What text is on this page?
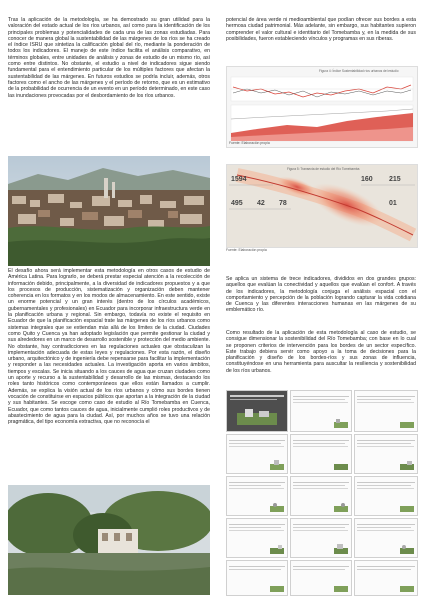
Tras la aplicación de la metodología, se ha demostrado su gran utilidad para la valoración del estado actual de los ríos urbanos, así como para la identificación de los principales problemas y potencialidades de cada una de las zonas estudiadas. Para conocer de manera global la sustentabilidad de las márgenes de los ríos se ha creado el índice ISRU que sintetiza la calificación global del río, mediante la ponderación de todos los indicadores. El manejo de este índice facilita el análisis comparativo, en términos globales, entre unidades de análisis y zonas de estudio de un mismo río, así como entre distintos. No obstante, el estudio a nivel de indicadores sigue siendo fundamental para el entendimiento particular de los múltiples factores que afectan la sustentabilidad de las márgenes. En futuros estudios se podría incluir, además, otros factores como el ancho de las márgenes y el período de retorno, que es un estimativo de la probabilidad de ocurrencia de un evento en un período determinado, en este caso las inundaciones provocadas por el desbordamiento de los ríos urbanos.

El desafío ahora será implementar esta metodología en otros casos de estudio de América Latina. Para lograrlo, se deberá prestar especial atención a la recolección de información debido, principalmente, a la diversidad de indicadores propuestos y a que los procesos de producción, sistematización y organización deben mantener coherencia en los formatos y en los modos de almacenamiento. En este sentido, existe un enorme potencial y un gran interés (dentro de los círculos académicos, gubernamentales y profesionales) en Ecuador para incorporar infraestructura verde en la planificación urbana y regional. Sin embargo, todavía no existe el requisito en Ecuador de que la planificación espacial trate las márgenes de los ríos urbanos como sistemas integrales que se extiendan más allá de los límites de la ciudad. Ciudades como Quito y Cuenca ya han adoptado legislación que permite gestionar la ciudad y sus alrededores en un marco de desarrollo sostenible y protección del medio ambiente. No obstante, hay contradicciones en las regulaciones actuales que obstaculizan la implementación adecuada de estas leyes y regulaciones. Por esta razón, el diseño urbano, arquitectónico y de ingeniería debe repensarse para facilitar la implementación y responder a las necesidades actuales. La investigación aporta en varios ámbitos, tiempos y escalas. Se inicia situando a los cauces de agua que cruzan ciudades como un aporte y recurso a la sustentabilidad y desarrollo de las mismas, destacando los roles tanto históricos como contemporáneos que ellos están llamados a cumplir. Además, se explica la visión actual de los ríos urbanos y cómo sus bordes tienen vocación de constituirse en espacios públicos que aportan a la integración de la ciudad y sus habitantes. Se escoge como caso de estudio al Río Tomebamba en Cuenca, Ecuador, que como tantos cauces de agua, inicialmente cumplió roles productivos y de abastecimiento de agua para la ciudad. Así, por muchos años se tuvo una relación pragmática, del tipo economía extractiva, que no reconocía el

potencial de área verde ni medioambiental que podían ofrecer sus bordes a esta hermosa ciudad patrimonial. Más adelante, sin embargo, sus habitantes supieron comprender el valor cultural e identitario del Tomebamba y, en la medida de sus posibilidades, fueron estableciendo vínculos y programas en sus riberas.

Figura 4: Índice Sustentabilidad ríos urbanos del estudio
Fuente: Elaboración propia
Figura 5: Transecta de estudio del Río Tomebamba
1594	160 215
495 42 78	01
Fuente: Elaboración propia

Se aplica un sistema de trece indicadores, divididos en dos grandes grupos: aquellos que evalúan la conectividad y aquellos que evalúan el confort. A través de los indicadores, la metodología conjuga el análisis espacial con el comportamiento y percepción de la población logrando capturar la vida cotidiana de Cuenca y las diferentes interacciones humanas en las márgenes de su emblemático río.

Como resultado de la aplicación de esta metodología al caso de estudio, se consigue dimensionar la sostenibilidad del Río Tomebamba; con base en lo cual se proponen criterios de intervención para los bordes de un sector específico. Este trabajo debiera servir como apoyo a la toma de decisiones para la planificación y diseño de los bordes-ríos y sus zonas de influencia, constituyéndose en una herramienta para auscultar la resiliencia y sostenibilidad de los ríos urbanos.
